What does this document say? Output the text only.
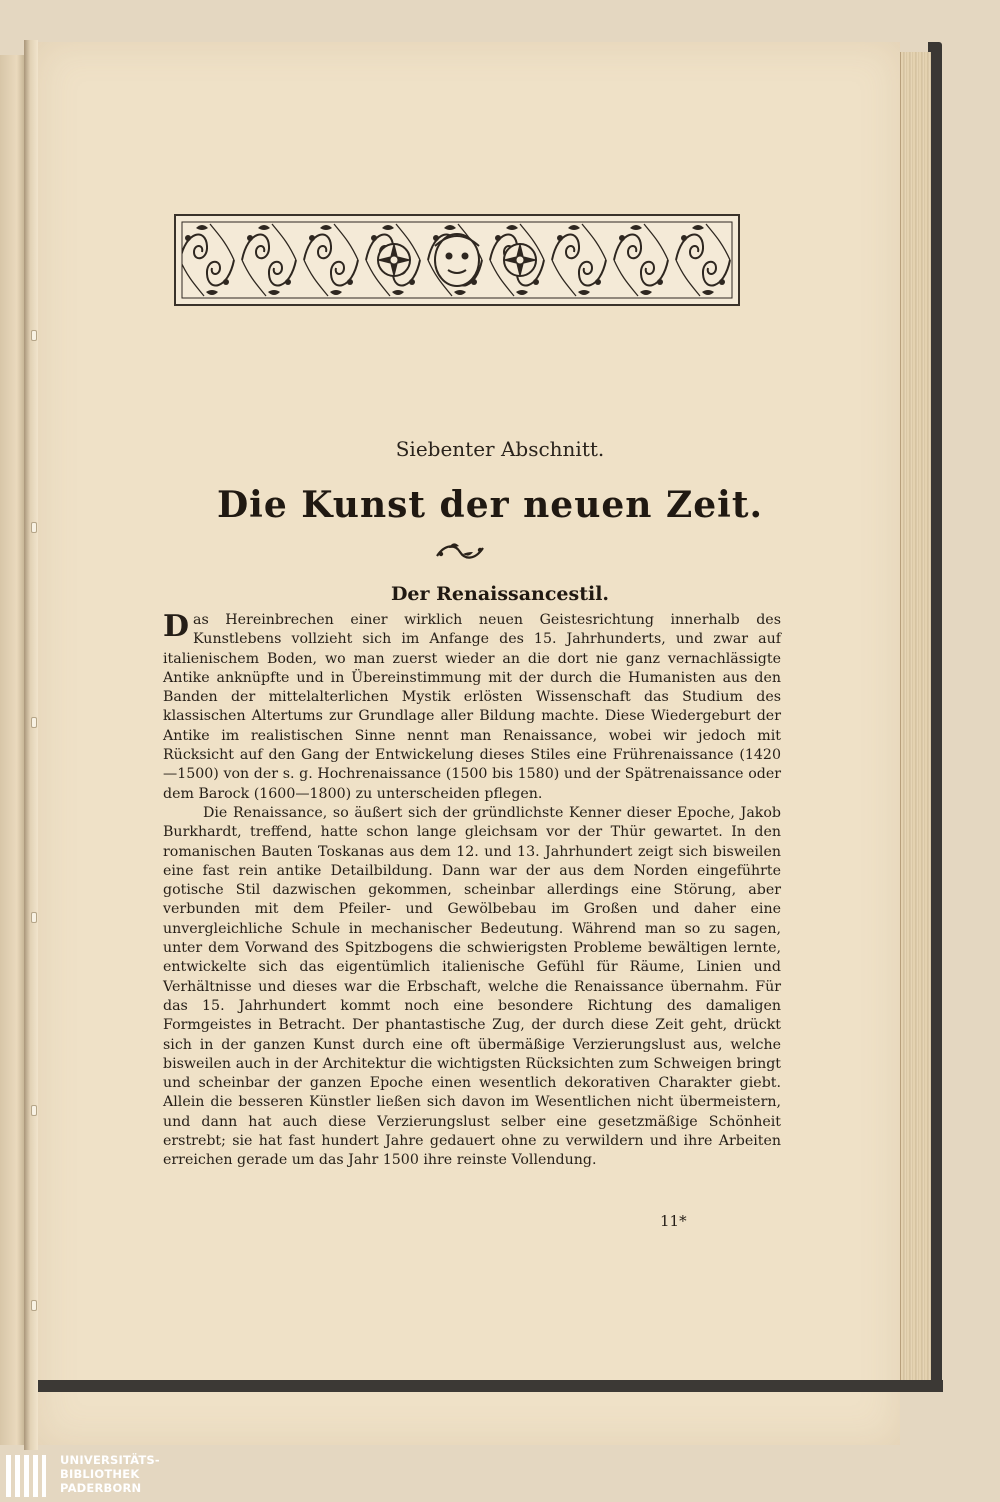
Siebenter Abschnitt.
Die Kunst der neuen Zeit.
Der Renaissancestil.

Das Hereinbrechen einer wirklich neuen Geistesrichtung innerhalb des Kunstlebens vollzieht sich im Anfange des 15. Jahrhunderts, und zwar auf italienischem Boden, wo man zuerst wieder an die dort nie ganz vernachlässigte Antike anknüpfte und in Übereinstimmung mit der durch die Humanisten aus den Banden der mittelalterlichen Mystik erlösten Wissenschaft das Studium des klassischen Altertums zur Grundlage aller Bildung machte. Diese Wiedergeburt der Antike im realistischen Sinne nennt man Renaissance, wobei wir jedoch mit Rücksicht auf den Gang der Entwickelung dieses Stiles eine Frührenaissance (1420—1500) von der s. g. Hochrenaissance (1500 bis 1580) und der Spätrenaissance oder dem Barock (1600—1800) zu unterscheiden pflegen.

Die Renaissance, so äußert sich der gründlichste Kenner dieser Epoche, Jakob Burkhardt, treffend, hatte schon lange gleichsam vor der Thür gewartet. In den romanischen Bauten Toskanas aus dem 12. und 13. Jahrhundert zeigt sich bisweilen eine fast rein antike Detailbildung. Dann war der aus dem Norden eingeführte gotische Stil dazwischen gekommen, scheinbar allerdings eine Störung, aber verbunden mit dem Pfeiler- und Gewölbebau im Großen und daher eine unvergleichliche Schule in mechanischer Bedeutung. Während man so zu sagen, unter dem Vorwand des Spitzbogens die schwierigsten Probleme bewältigen lernte, entwickelte sich das eigentümlich italienische Gefühl für Räume, Linien und Verhältnisse und dieses war die Erbschaft, welche die Renaissance übernahm. Für das 15. Jahrhundert kommt noch eine besondere Richtung des damaligen Formgeistes in Betracht. Der phantastische Zug, der durch diese Zeit geht, drückt sich in der ganzen Kunst durch eine oft übermäßige Verzierungslust aus, welche bisweilen auch in der Architektur die wichtigsten Rücksichten zum Schweigen bringt und scheinbar der ganzen Epoche einen wesentlich dekorativen Charakter giebt. Allein die besseren Künstler ließen sich davon im Wesentlichen nicht übermeistern, und dann hat auch diese Verzierungslust selber eine gesetzmäßige Schönheit erstrebt; sie hat fast hundert Jahre gedauert ohne zu verwildern und ihre Arbeiten erreichen gerade um das Jahr 1500 ihre reinste Vollendung.

11*
UNIVERSITÄTS-
BIBLIOTHEK
PADERBORN
